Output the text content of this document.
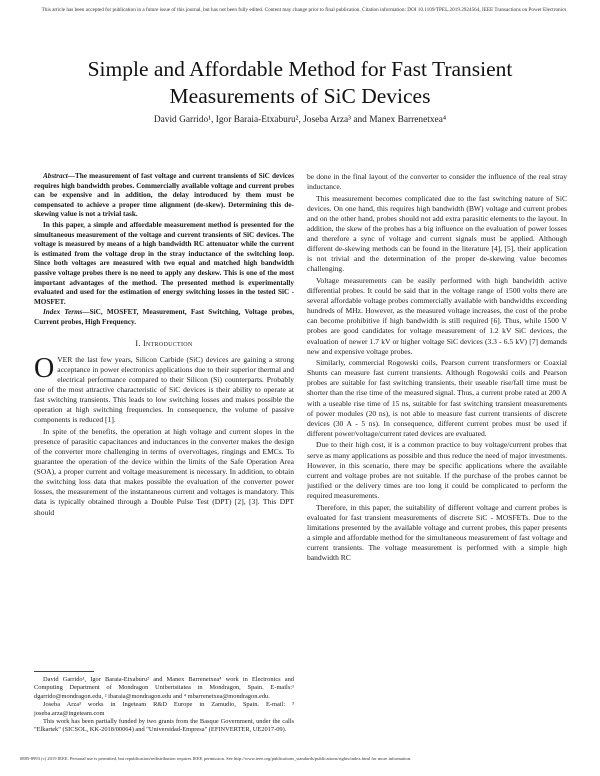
This article has been accepted for publication in a future issue of this journal, but has not been fully edited. Content may change prior to final publication. Citation information: DOI 10.1109/TPEL.2019.2924564, IEEE Transactions on Power Electronics
Simple and Affordable Method for Fast Transient Measurements of SiC Devices
David Garrido¹, Igor Baraia-Etxaburu², Joseba Arza³ and Manex Barrenetxea⁴

Abstract—The measurement of fast voltage and current transients of SiC devices requires high bandwidth probes. Commercially available voltage and current probes can be expensive and in addition, the delay introduced by them must be compensated to achieve a proper time alignment (de-skew). Determining this de-skewing value is not a trivial task.

In this paper, a simple and affordable measurement method is presented for the simultaneous measurement of the voltage and current transients of SiC devices. The voltage is measured by means of a high bandwidth RC attenuator while the current is estimated from the voltage drop in the stray inductance of the switching loop. Since both voltages are measured with two equal and matched high bandwidth passive voltage probes there is no need to apply any deskew. This is one of the most important advantages of the method. The presented method is experimentally evaluated and used for the estimation of energy switching losses in the tested SiC - MOSFET.

Index Terms—SiC, MOSFET, Measurement, Fast Switching, Voltage probes, Current probes, High Frequency.

I. Introduction

OVER the last few years, Silicon Carbide (SiC) devices are gaining a strong acceptance in power electronics applications due to their superior thermal and electrical performance compared to their Silicon (Si) counterparts. Probably one of the most attractive characteristic of SiC devices is their ability to operate at fast switching transients. This leads to low switching losses and makes possible the operation at high switching frequencies. In consequence, the volume of passive components is reduced [1].

In spite of the benefits, the operation at high voltage and current slopes in the presence of parasitic capacitances and inductances in the converter makes the design of the converter more challenging in terms of overvoltages, ringings and EMCs. To guarantee the operation of the device within the limits of the Safe Operation Area (SOA), a proper current and voltage measurement is necessary. In addition, to obtain the switching loss data that makes possible the evaluation of the converter power losses, the measurement of the instantaneous current and voltages is mandatory. This data is typically obtained through a Double Pulse Test (DPT) [2], [3]. This DPT should

David Garrido¹, Igor Baraia-Etxaburu² and Manex Barrenetxea⁴ work in Electronics and Computing Department of Mondragon Unibertsitatea in Mondragon, Spain. E-mails:¹ dgarrido@mondragon.edu, ² ibaraia@mondragon.edu and ⁴ mbarrenetxea@mondragon.edu.

Joseba Arza³ works in Ingeteam R&D Europe in Zamudio, Spain. E-mail: ³ joseba.arza@ingeteam.com

This work has been partially funded by two grants from the Basque Government, under the calls "Elkartek" (SICSOL, KK-2018/00064) and "Universidad-Empresa" (EFINVERTER, UE2017-09).

be done in the final layout of the converter to consider the influence of the real stray inductance.

This measurement becomes complicated due to the fast switching nature of SiC devices. On one hand, this requires high bandwidth (BW) voltage and current probes and on the other hand, probes should not add extra parasitic elements to the layout. In addition, the skew of the probes has a big influence on the evaluation of power losses and therefore a sync of voltage and current signals must be applied. Although different de-skewing methods can be found in the literature [4], [5], their application is not trivial and the determination of the proper de-skewing value becomes challenging.

Voltage measurements can be easily performed with high bandwidth active differential probes. It could be said that in the voltage range of 1500 volts there are several affordable voltage probes commercially available with bandwidths exceeding hundreds of MHz. However, as the measured voltage increases, the cost of the probe can become prohibitive if high bandwidth is still required [6]. Thus, while 1500 V probes are good candidates for voltage measurement of 1.2 kV SiC devices, the evaluation of newer 1.7 kV or higher voltage SiC devices (3.3 - 6.5 kV) [7] demands new and expensive voltage probes.

Similarly, commercial Rogowski coils, Pearson current transformers or Coaxial Shunts can measure fast current transients. Although Rogowski coils and Pearson probes are suitable for fast switching transients, their useable rise/fall time must be shorter than the rise time of the measured signal. Thus, a current probe rated at 200 A with a useable rise time of 15 ns, suitable for fast switching transient measurements of power modules (20 ns), is not able to measure fast current transients of discrete devices (30 A - 5 ns). In consequence, different current probes must be used if different power/voltage/current rated devices are evaluated.

Due to their high cost, it is a common practice to buy voltage/current probes that serve as many applications as possible and thus reduce the need of major investments. However, in this scenario, there may be specific applications where the available current and voltage probes are not suitable. If the purchase of the probes cannot be justified or the delivery times are too long it could be complicated to perform the required measurements.

Therefore, in this paper, the suitability of different voltage and current probes is evaluated for fast transient measurements of discrete SiC - MOSFETs. Due to the limitations presented by the available voltage and current probes, this paper presents a simple and affordable method for the simultaneous measurement of fast voltage and current transients. The voltage measurement is performed with a simple high bandwidth RC

0885-8993 (c) 2019 IEEE. Personal use is permitted, but republication/redistribution requires IEEE permission. See http://www.ieee.org/publications_standards/publications/rights/index.html for more information.
